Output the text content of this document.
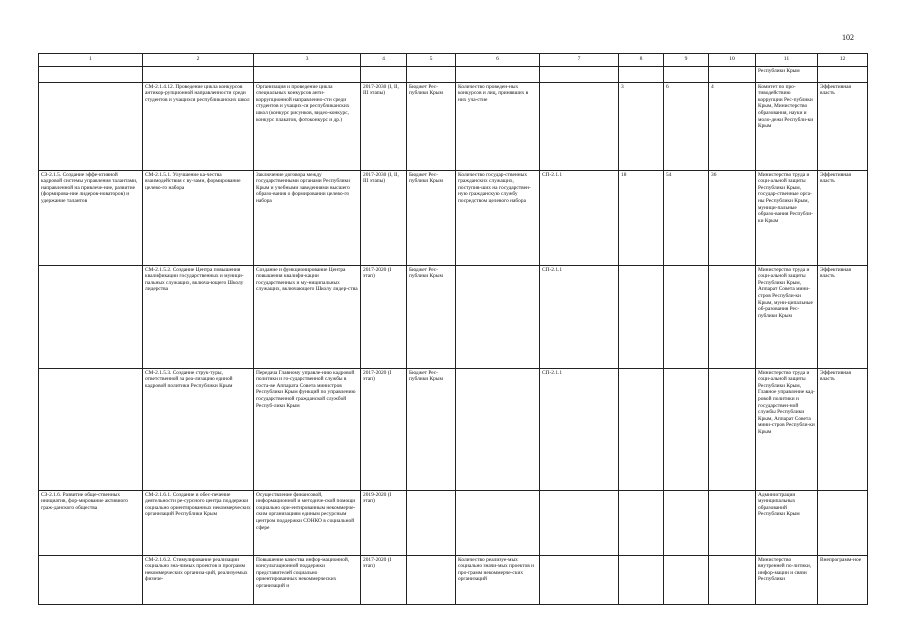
102
1	2	3	4	5	6	7	8	9	10	11	12
										Республики Крым	
	СМ-2.1.4.12. Проведение цикла конкурсов антикор-рупционной направленности среди студентов и учащихся республиканских школ	Организация и проведение цикла специальных конкурсов анти-коррупционной направленно-сти среди студентов и учащих-ся республиканских школ (конкурс рисунков, видео-конкурс, конкурс плакатов, фотоконкурс и др.)	2017-2030 (I, II, III этапы)	Бюджет Рес-публики Крым	Количество проведен-ных конкурсов и лиц, принявших в них уча-стие		3	6	4	Комитет по про-тиводействию коррупции Рес-публики Крым, Министерство образования, науки и моло-дежи Республи-ки Крым	Эффективная власть
СЗ-2.1.5. Создание эффе-ктивной кадровой системы управления талантами, направленной на привлече-ние, развитие (формирова-ние лидеров-новаторов) и удержание талантов	СМ-2.1.5.1. Улучшение ка-чества взаимодействия с ву-зами, формирование целево-го набора	Заключение договора между государственными органами Республики Крым и учебными заведениями высшего образо-вания о формировании целево-го набора	2017-2030 (I, II, III этапы)	Бюджет Рес-публики Крым	Количество государ-ственных гражданских служащих, поступив-ших на государствен-ную гражданскую службу посредством целевого набора	СП-2.1.1	18	54	36	Министерство труда и соци-альной защиты Республики Крым, государ-ственные орга-ны Республики Крым, муници-пальные образо-вания Республи-ки Крым	Эффективная власть
	СМ-2.1.5.2. Создание Центра повышения квалификации государственных и муници-пальных служащих, включа-ющего Школу лидерства	Создание и функционирование Центра повышения квалифи-кации государственных и му-ниципальных служащих, включающего Школу лидер-ства	2017-2020 (I этап)	Бюджет Рес-публики Крым		СП-2.1.1				Министерство труда и соци-альной защиты Республики Крым, Аппарат Совета мини-стров Республи-ки Крым, муни-ципальные об-разования Рес-публики Крым	Эффективная власть
	СМ-2.1.5.3. Создание струк-туры, ответственной за реа-лизацию единой кадровой политики Республики Крым	Передача Главному управле-нию кадровой политики и го-сударственной службы в соста-ве Аппарата Совета министров Республики Крым функций по управлению государственной гражданской службой Респуб-лики Крым	2017-2020 (I этап)	Бюджет Рес-публики Крым		СП-2.1.1				Министерство труда и соци-альной защиты Республики Крым, Главное управление кад-ровой политики и государствен-ной службы Республики Крым, Аппарат Совета мини-стров Республи-ки Крым	Эффективная власть
СЗ-2.1.6. Развитие обще-ственных инициатив, фор-мирование активного граж-данского общества	СМ-2.1.6.1. Создание и обес-печение деятельности ре-сурсного центра поддержки социально ориентированных некоммерческих организаций Республики Крым	Осуществление финансовой, информационной и методиче-ской помощи социально ори-ентированным некоммерче-ским организациям единым ресурсным центром поддержки СОНКО в социальной сфере	2019-2020 (I этап)							Администрации муниципальных образований Республики Крым	
	СМ-2.1.6.2. Стимулирование реализации социально зна-чимых проектов и программ некоммерческих организа-ций, реализуемых физиче-	Повышение качества инфор-мационной, консультационной поддержки представителей социально ориентированных некоммерческих организаций и	2017-2020 (I этап)		Количество реализуе-мых социально значи-мых проектов и про-грамм некоммерче-ских организаций					Министерство внутренней по-литики, инфор-мации и связи Республики	Внепрограмм-ное
